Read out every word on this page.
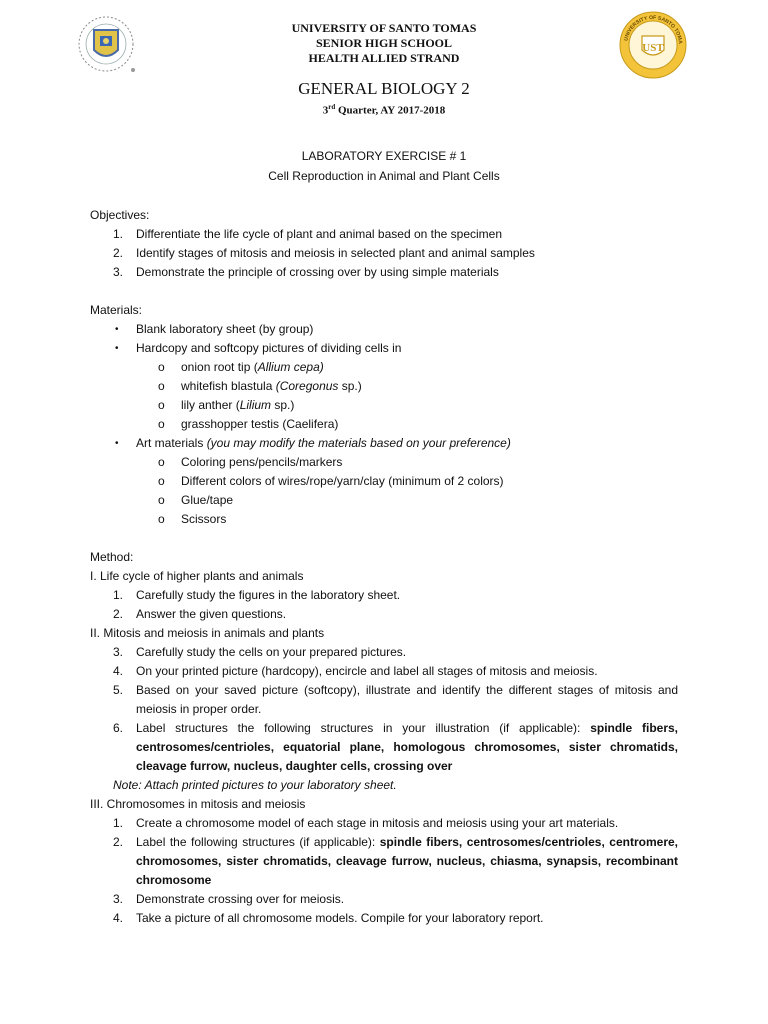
UNIVERSITY OF SANTO TOMA
UST
UNIVERSITY OF SANTO TOMAS
SENIOR HIGH SCHOOL
HEALTH ALLIED STRAND
GENERAL BIOLOGY 2
3rd Quarter, AY 2017-2018
LABORATORY EXERCISE # 1
Cell Reproduction in Animal and Plant Cells
Objectives:
1.	Differentiate the life cycle of plant and animal based on the specimen
2.	Identify stages of mitosis and meiosis in selected plant and animal samples
3.	Demonstrate the principle of crossing over by using simple materials
Materials:
•	Blank laboratory sheet (by group)
•	Hardcopy and softcopy pictures of dividing cells in
o	onion root tip (Allium cepa)
o	whitefish blastula (Coregonus sp.)
o	lily anther (Lilium sp.)
o	grasshopper testis (Caelifera)
•	Art materials (you may modify the materials based on your preference)
o	Coloring pens/pencils/markers
o	Different colors of wires/rope/yarn/clay (minimum of 2 colors)
o	Glue/tape
o	Scissors
Method:
I. Life cycle of higher plants and animals
1.	Carefully study the figures in the laboratory sheet.
2.	Answer the given questions.
II. Mitosis and meiosis in animals and plants
3.	Carefully study the cells on your prepared pictures.
4.	On your printed picture (hardcopy), encircle and label all stages of mitosis and meiosis.
5.	Based on your saved picture (softcopy), illustrate and identify the different stages of mitosis and meiosis in proper order.
6.	Label structures the following structures in your illustration (if applicable): spindle fibers, centrosomes/centrioles, equatorial plane, homologous chromosomes, sister chromatids, cleavage furrow, nucleus, daughter cells, crossing over
Note: Attach printed pictures to your laboratory sheet.
III. Chromosomes in mitosis and meiosis
1.	Create a chromosome model of each stage in mitosis and meiosis using your art materials.
2.	Label the following structures (if applicable): spindle fibers, centrosomes/centrioles, centromere, chromosomes, sister chromatids, cleavage furrow, nucleus, chiasma, synapsis, recombinant chromosome
3.	Demonstrate crossing over for meiosis.
4.	Take a picture of all chromosome models. Compile for your laboratory report.
